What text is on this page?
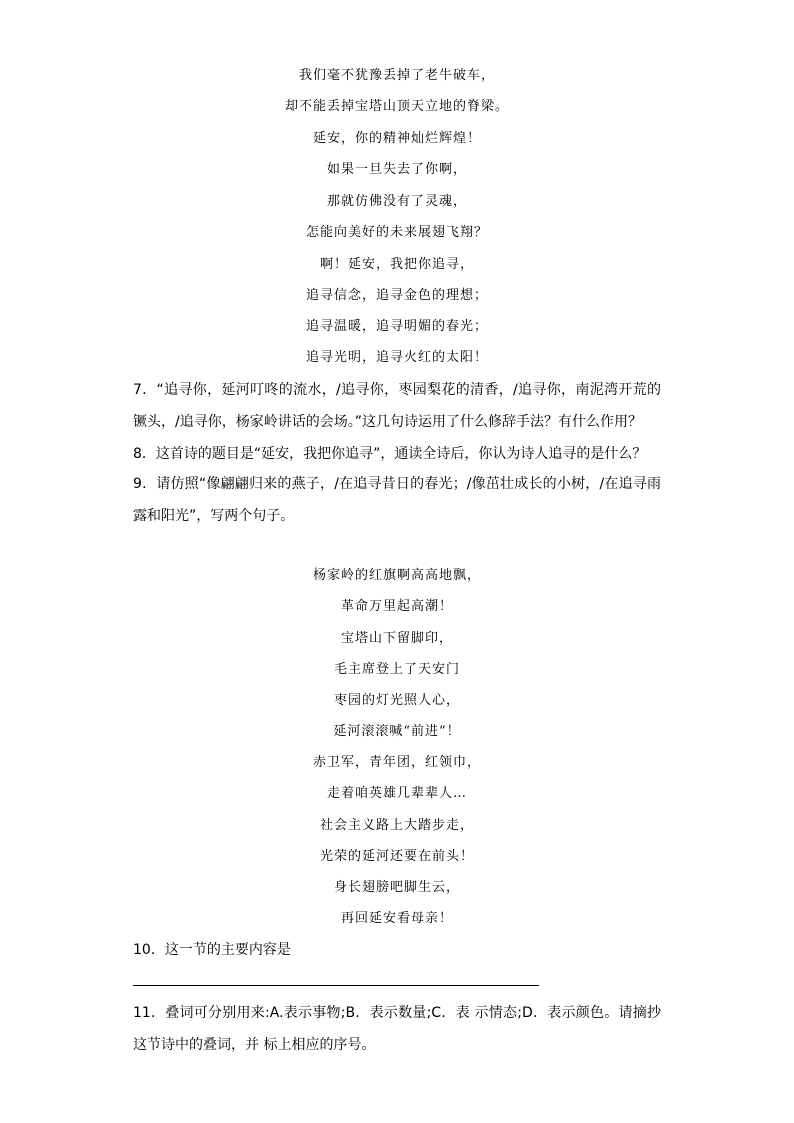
我们毫不犹豫丢掉了老牛破车，
却不能丢掉宝塔山顶天立地的脊梁。
延安，你的精神灿烂辉煌！
如果一旦失去了你啊，
那就仿佛没有了灵魂，
怎能向美好的未来展翅飞翔？
啊！延安，我把你追寻，
追寻信念，追寻金色的理想；
追寻温暖，追寻明媚的春光；
追寻光明，追寻火红的太阳！

7．“追寻你，延河叮咚的流水，/追寻你，枣园梨花的清香，/追寻你，南泥湾开荒的镢头，/追寻你，杨家岭讲话的会场。”这几句诗运用了什么修辞手法？有什么作用？

8．这首诗的题目是“延安，我把你追寻”，通读全诗后，你认为诗人追寻的是什么？

9．请仿照“像翩翩归来的燕子，/在追寻昔日的春光；/像茁壮成长的小树，/在追寻雨露和阳光”，写两个句子。

杨家岭的红旗啊高高地飘，
革命万里起高潮！
宝塔山下留脚印，
毛主席登上了天安门
枣园的灯光照人心，
延河滚滚喊“前进”！
赤卫军，青年团，红领巾，
走着咱英雄几辈辈人…
社会主义路上大踏步走，
光荣的延河还要在前头！
身长翅膀吧脚生云，
再回延安看母亲！

10．这一节的主要内容是

11．叠词可分别用来:A.表示事物;B．表示数量;C．表 示情态;D．表示颜色。请摘抄这节诗中的叠词，并 标上相应的序号。
